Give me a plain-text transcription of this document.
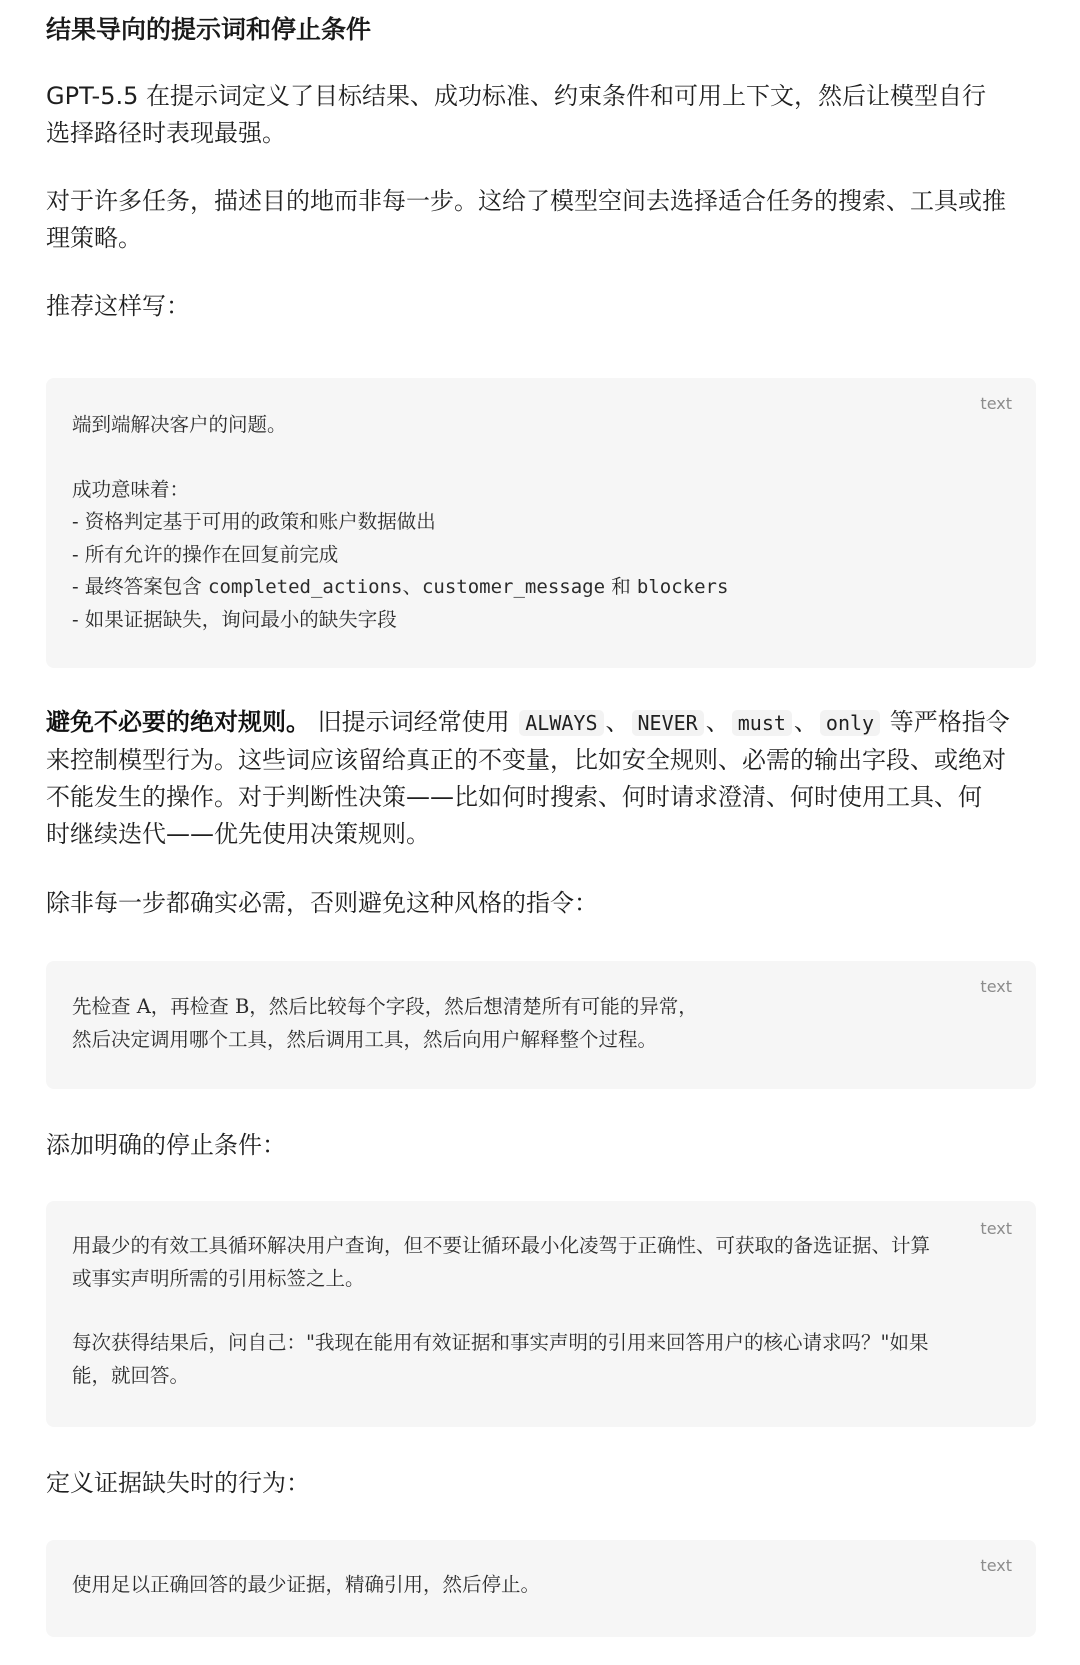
结果导向的提示词和停止条件
GPT-5.5 在提示词定义了目标结果、成功标准、约束条件和可用上下文，然后让模型自行
选择路径时表现最强。
对于许多任务，描述目的地而非每一步。这给了模型空间去选择适合任务的搜索、工具或推
理策略。
推荐这样写：
text
端到端解决客户的问题。
成功意味着：
- 资格判定基于可用的政策和账户数据做出
- 所有允许的操作在回复前完成
- 最终答案包含 completed_actions、customer_message 和 blockers
- 如果证据缺失，询问最小的缺失字段
避免不必要的绝对规则。 旧提示词经常使用 ALWAYS 、 NEVER 、 must 、 only 等严格指令
来控制模型行为。这些词应该留给真正的不变量，比如安全规则、必需的输出字段、或绝对
不能发生的操作。对于判断性决策——比如何时搜索、何时请求澄清、何时使用工具、何
时继续迭代——优先使用决策规则。
除非每一步都确实必需，否则避免这种风格的指令：
text
先检查 A，再检查 B，然后比较每个字段，然后想清楚所有可能的异常，
然后决定调用哪个工具，然后调用工具，然后向用户解释整个过程。
添加明确的停止条件：
text
用最少的有效工具循环解决用户查询，但不要让循环最小化凌驾于正确性、可获取的备选证据、计算
或事实声明所需的引用标签之上。
每次获得结果后，问自己："我现在能用有效证据和事实声明的引用来回答用户的核心请求吗？"如果
能，就回答。
定义证据缺失时的行为：
text
使用足以正确回答的最少证据，精确引用，然后停止。
